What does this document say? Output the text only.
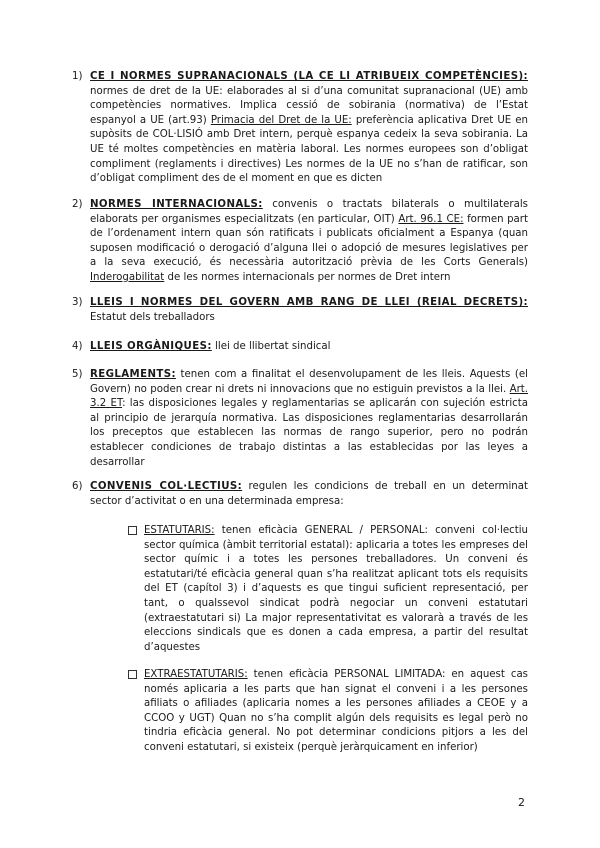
1) CE I NORMES SUPRANACIONALS (LA CE LI ATRIBUEIX COMPETÈNCIES): normes de dret de la UE: elaborades al si d’una comunitat supranacional (UE) amb competències normatives. Implica cessió de sobirania (normativa) de l’Estat espanyol a UE (art.93) Primacia del Dret de la UE: preferència aplicativa Dret UE en supòsits de COL·LISIÓ amb Dret intern, perquè espanya cedeix la seva sobirania. La UE té moltes competències en matèria laboral. Les normes europees son d’obligat compliment (reglaments i directives) Les normes de la UE no s’han de ratificar, son d’obligat compliment des de el moment en que es dicten
2) NORMES INTERNACIONALS: convenis o tractats bilaterals o multilaterals elaborats per organismes especialitzats (en particular, OIT) Art. 96.1 CE: formen part de l’ordenament intern quan són ratificats i publicats oficialment a Espanya (quan suposen modificació o derogació d’alguna llei o adopció de mesures legislatives per a la seva execució, és necessària autorització prèvia de les Corts Generals) Inderogabilitat de les normes internacionals per normes de Dret intern
3) LLEIS I NORMES DEL GOVERN AMB RANG DE LLEI (REIAL DECRETS): Estatut dels treballadors
4) LLEIS ORGÀNIQUES: llei de llibertat sindical
5) REGLAMENTS: tenen com a finalitat el desenvolupament de les lleis. Aquests (el Govern) no poden crear ni drets ni innovacions que no estiguin previstos a la llei. Art. 3.2 ET: las disposiciones legales y reglamentarias se aplicarán con sujeción estricta al principio de jerarquía normativa. Las disposiciones reglamentarias desarrollarán los preceptos que establecen las normas de rango superior, pero no podrán establecer condiciones de trabajo distintas a las establecidas por las leyes a desarrollar
6) CONVENIS COL·LECTIUS: regulen les condicions de treball en un determinat sector d’activitat o en una determinada empresa:
ESTATUTARIS: tenen eficàcia GENERAL / PERSONAL: conveni col·lectiu sector química (àmbit territorial estatal): aplicaria a totes les empreses del sector químic i a totes les persones treballadores. Un conveni és estatutari/té eficàcia general quan s’ha realitzat aplicant tots els requisits del ET (capítol 3) i d’aquests es que tingui suficient representació, per tant, o qualssevol sindicat podrà negociar un conveni estatutari (extraestatutari si) La major representativitat es valorarà a través de les eleccions sindicals que es donen a cada empresa, a partir del resultat d’aquestes
EXTRAESTATUTARIS: tenen eficàcia PERSONAL LIMITADA: en aquest cas només aplicaria a les parts que han signat el conveni i a les persones afiliats o afiliades (aplicaria nomes a les persones afiliades a CEOE y a CCOO y UGT) Quan no s’ha complit algún dels requisits es legal però no tindria eficàcia general. No pot determinar condicions pitjors a les del conveni estatutari, si existeix (perquè jeràrquicament en inferior)
2
